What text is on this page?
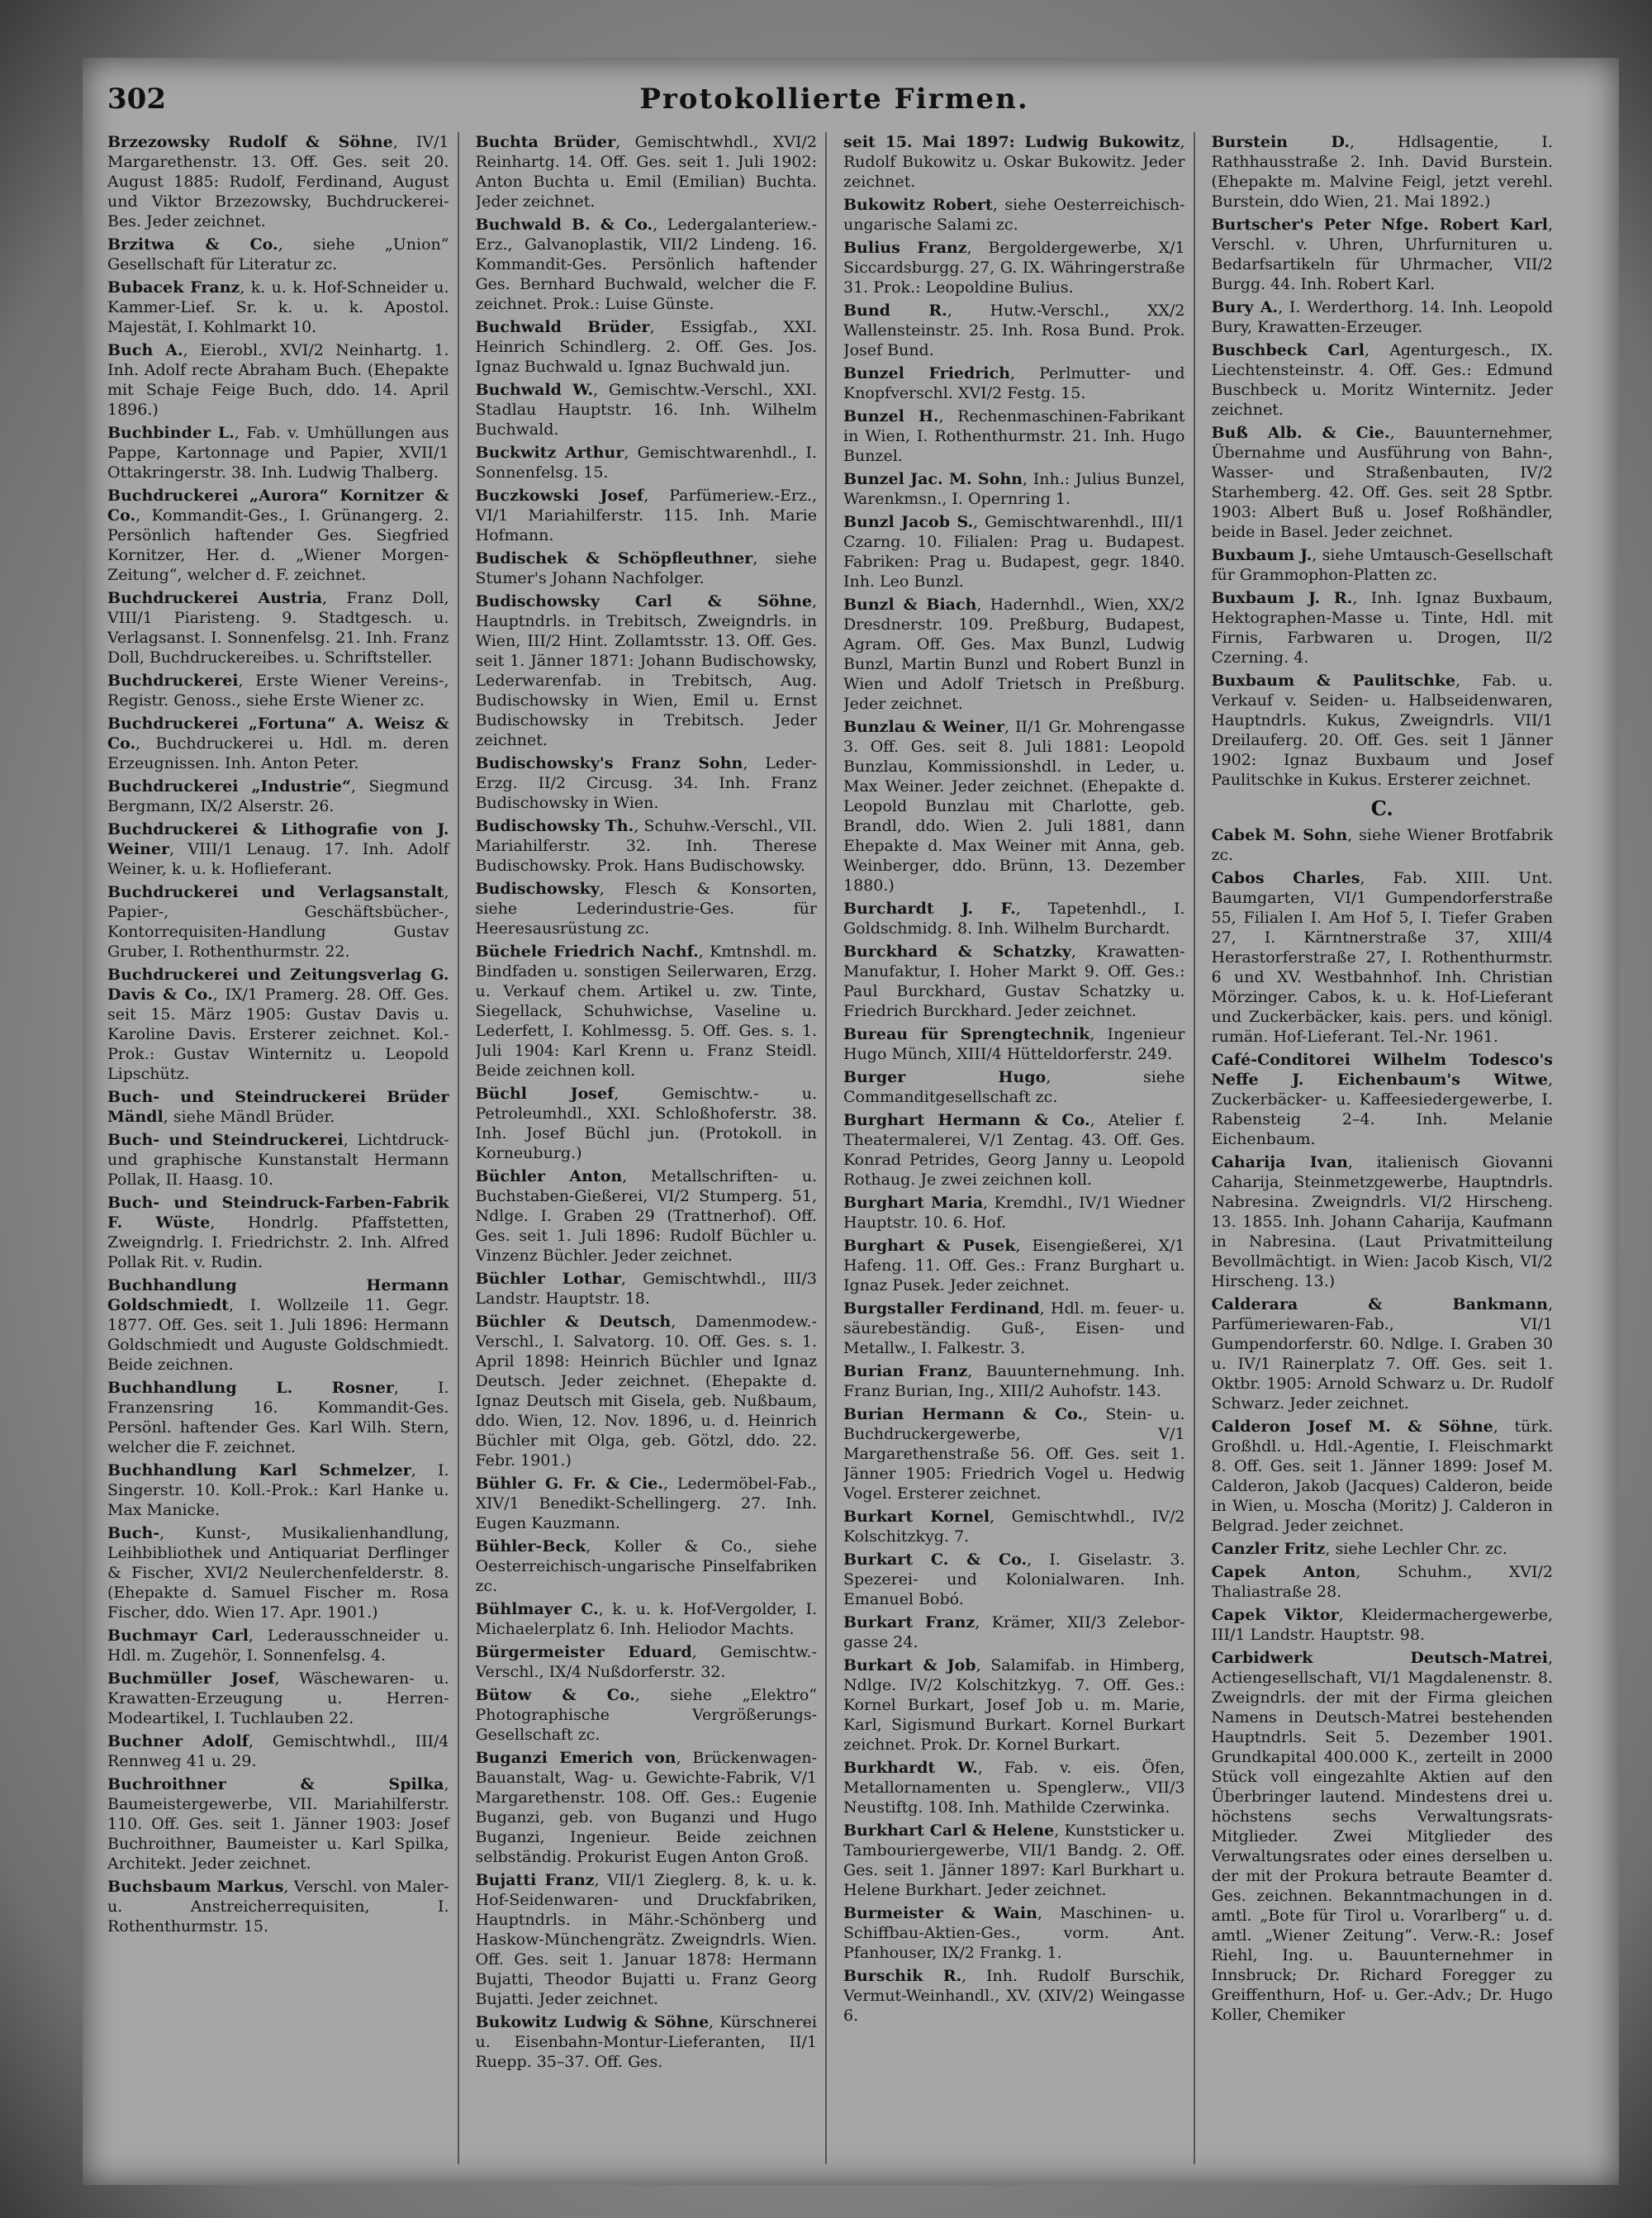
302	Protokollierte Firmen.

Brzezowsky Rudolf & Söhne, IV/1 Margarethenstr. 13. Off. Ges. seit 20. August 1885: Rudolf, Ferdinand, August und Viktor Brzezowsky, Buchdruckerei-Bes. Jeder zeichnet.

Brzitwa & Co., siehe „Union“ Gesellschaft für Literatur zc.

Bubacek Franz, k. u. k. Hof-Schneider u. Kammer-Lief. Sr. k. u. k. Apostol. Majestät, I. Kohlmarkt 10.

Buch A., Eierobl., XVI/2 Neinhartg. 1. Inh. Adolf recte Abraham Buch. (Ehepakte mit Schaje Feige Buch, ddo. 14. April 1896.)

Buchbinder L., Fab. v. Umhüllungen aus Pappe, Kartonnage und Papier, XVII/1 Ottakringerstr. 38. Inh. Ludwig Thalberg.

Buchdruckerei „Aurora“ Kornitzer & Co., Kommandit-Ges., I. Grünangerg. 2. Persönlich haftender Ges. Siegfried Kornitzer, Her. d. „Wiener Morgen-Zeitung“, welcher d. F. zeichnet.

Buchdruckerei Austria, Franz Doll, VIII/1 Piaristeng. 9. Stadtgesch. u. Verlagsanst. I. Sonnenfelsg. 21. Inh. Franz Doll, Buchdruckereibes. u. Schriftsteller.

Buchdruckerei, Erste Wiener Vereins-, Registr. Genoss., siehe Erste Wiener zc.

Buchdruckerei „Fortuna“ A. Weisz & Co., Buchdruckerei u. Hdl. m. deren Erzeugnissen. Inh. Anton Peter.

Buchdruckerei „Industrie“, Siegmund Bergmann, IX/2 Alserstr. 26.

Buchdruckerei & Lithografie von J. Weiner, VIII/1 Lenaug. 17. Inh. Adolf Weiner, k. u. k. Hoflieferant.

Buchdruckerei und Verlagsanstalt, Papier-, Geschäftsbücher-, Kontorrequisiten-Handlung Gustav Gruber, I. Rothenthurmstr. 22.

Buchdruckerei und Zeitungsverlag G. Davis & Co., IX/1 Pramerg. 28. Off. Ges. seit 15. März 1905: Gustav Davis u. Karoline Davis. Ersterer zeichnet. Kol.-Prok.: Gustav Winternitz u. Leopold Lipschütz.

Buch- und Steindruckerei Brüder Mändl, siehe Mändl Brüder.

Buch- und Steindruckerei, Lichtdruck- und graphische Kunstanstalt Hermann Pollak, II. Haasg. 10.

Buch- und Steindruck-Farben-Fabrik F. Wüste, Hondrlg. Pfaffstetten, Zweigndrlg. I. Friedrichstr. 2. Inh. Alfred Pollak Rit. v. Rudin.

Buchhandlung Hermann Goldschmiedt, I. Wollzeile 11. Gegr. 1877. Off. Ges. seit 1. Juli 1896: Hermann Goldschmiedt und Auguste Goldschmiedt. Beide zeichnen.

Buchhandlung L. Rosner, I. Franzensring 16. Kommandit-Ges. Persönl. haftender Ges. Karl Wilh. Stern, welcher die F. zeichnet.

Buchhandlung Karl Schmelzer, I. Singerstr. 10. Koll.-Prok.: Karl Hanke u. Max Manicke.

Buch-, Kunst-, Musikalienhandlung, Leihbibliothek und Antiquariat Derflinger & Fischer, XVI/2 Neulerchenfelderstr. 8. (Ehepakte d. Samuel Fischer m. Rosa Fischer, ddo. Wien 17. Apr. 1901.)

Buchmayr Carl, Lederausschneider u. Hdl. m. Zugehör, I. Sonnenfelsg. 4.

Buchmüller Josef, Wäschewaren- u. Krawatten-Erzeugung u. Herren-Modeartikel, I. Tuchlauben 22.

Buchner Adolf, Gemischtwhdl., III/4 Rennweg 41 u. 29.

Buchroithner & Spilka, Baumeistergewerbe, VII. Mariahilferstr. 110. Off. Ges. seit 1. Jänner 1903: Josef Buchroithner, Baumeister u. Karl Spilka, Architekt. Jeder zeichnet.

Buchsbaum Markus, Verschl. von Maler- u. Anstreicherrequisiten, I. Rothenthurmstr. 15.

Buchta Brüder, Gemischtwhdl., XVI/2 Reinhartg. 14. Off. Ges. seit 1. Juli 1902: Anton Buchta u. Emil (Emilian) Buchta. Jeder zeichnet.

Buchwald B. & Co., Ledergalanteriew.-Erz., Galvanoplastik, VII/2 Lindeng. 16. Kommandit-Ges. Persönlich haftender Ges. Bernhard Buchwald, welcher die F. zeichnet. Prok.: Luise Günste.

Buchwald Brüder, Essigfab., XXI. Heinrich Schindlerg. 2. Off. Ges. Jos. Ignaz Buchwald u. Ignaz Buchwald jun.

Buchwald W., Gemischtw.-Verschl., XXI. Stadlau Hauptstr. 16. Inh. Wilhelm Buchwald.

Buckwitz Arthur, Gemischtwarenhdl., I. Sonnenfelsg. 15.

Buczkowski Josef, Parfümeriew.-Erz., VI/1 Mariahilferstr. 115. Inh. Marie Hofmann.

Budischek & Schöpfleuthner, siehe Stumer's Johann Nachfolger.

Budischowsky Carl & Söhne, Hauptndrls. in Trebitsch, Zweigndrls. in Wien, III/2 Hint. Zollamtsstr. 13. Off. Ges. seit 1. Jänner 1871: Johann Budischowsky, Lederwarenfab. in Trebitsch, Aug. Budischowsky in Wien, Emil u. Ernst Budischowsky in Trebitsch. Jeder zeichnet.

Budischowsky's Franz Sohn, Leder-Erzg. II/2 Circusg. 34. Inh. Franz Budischowsky in Wien.

Budischowsky Th., Schuhw.-Verschl., VII. Mariahilferstr. 32. Inh. Therese Budischowsky. Prok. Hans Budischowsky.

Budischowsky, Flesch & Konsorten, siehe Lederindustrie-Ges. für Heeresausrüstung zc.

Büchele Friedrich Nachf., Kmtnshdl. m. Bindfaden u. sonstigen Seilerwaren, Erzg. u. Verkauf chem. Artikel u. zw. Tinte, Siegellack, Schuhwichse, Vaseline u. Lederfett, I. Kohlmessg. 5. Off. Ges. s. 1. Juli 1904: Karl Krenn u. Franz Steidl. Beide zeichnen koll.

Büchl Josef, Gemischtw.- u. Petroleumhdl., XXI. Schloßhoferstr. 38. Inh. Josef Büchl jun. (Protokoll. in Korneuburg.)

Büchler Anton, Metallschriften- u. Buchstaben-Gießerei, VI/2 Stumperg. 51, Ndlge. I. Graben 29 (Trattnerhof). Off. Ges. seit 1. Juli 1896: Rudolf Büchler u. Vinzenz Büchler. Jeder zeichnet.

Büchler Lothar, Gemischtwhdl., III/3 Landstr. Hauptstr. 18.

Büchler & Deutsch, Damenmodew.-Verschl., I. Salvatorg. 10. Off. Ges. s. 1. April 1898: Heinrich Büchler und Ignaz Deutsch. Jeder zeichnet. (Ehepakte d. Ignaz Deutsch mit Gisela, geb. Nußbaum, ddo. Wien, 12. Nov. 1896, u. d. Heinrich Büchler mit Olga, geb. Götzl, ddo. 22. Febr. 1901.)

Bühler G. Fr. & Cie., Ledermöbel-Fab., XIV/1 Benedikt-Schellingerg. 27. Inh. Eugen Kauzmann.

Bühler-Beck, Koller & Co., siehe Oesterreichisch-ungarische Pinselfabriken zc.

Bühlmayer C., k. u. k. Hof-Vergolder, I. Michaelerplatz 6. Inh. Heliodor Machts.

Bürgermeister Eduard, Gemischtw.-Verschl., IX/4 Nußdorferstr. 32.

Bütow & Co., siehe „Elektro“ Photographische Vergrößerungs-Gesellschaft zc.

Buganzi Emerich von, Brückenwagen-Bauanstalt, Wag- u. Gewichte-Fabrik, V/1 Margarethenstr. 108. Off. Ges.: Eugenie Buganzi, geb. von Buganzi und Hugo Buganzi, Ingenieur. Beide zeichnen selbständig. Prokurist Eugen Anton Groß.

Bujatti Franz, VII/1 Zieglerg. 8, k. u. k. Hof-Seidenwaren- und Druckfabriken, Hauptndrls. in Mähr.-Schönberg und Haskow-Münchengrätz. Zweigndrls. Wien. Off. Ges. seit 1. Januar 1878: Hermann Bujatti, Theodor Bujatti u. Franz Georg Bujatti. Jeder zeichnet.

Bukowitz Ludwig & Söhne, Kürschnerei u. Eisenbahn-Montur-Lieferanten, II/1 Ruepp. 35–37. Off. Ges.

seit 15. Mai 1897: Ludwig Bukowitz, Rudolf Bukowitz u. Oskar Bukowitz. Jeder zeichnet.

Bukowitz Robert, siehe Oesterreichisch-ungarische Salami zc.

Bulius Franz, Bergoldergewerbe, X/1 Siccardsburgg. 27, G. IX. Währingerstraße 31. Prok.: Leopoldine Bulius.

Bund R., Hutw.-Verschl., XX/2 Wallensteinstr. 25. Inh. Rosa Bund. Prok. Josef Bund.

Bunzel Friedrich, Perlmutter- und Knopfverschl. XVI/2 Festg. 15.

Bunzel H., Rechenmaschinen-Fabrikant in Wien, I. Rothenthurmstr. 21. Inh. Hugo Bunzel.

Bunzel Jac. M. Sohn, Inh.: Julius Bunzel, Warenkmsn., I. Opernring 1.

Bunzl Jacob S., Gemischtwarenhdl., III/1 Czarng. 10. Filialen: Prag u. Budapest. Fabriken: Prag u. Budapest, gegr. 1840. Inh. Leo Bunzl.

Bunzl & Biach, Hadernhdl., Wien, XX/2 Dresdnerstr. 109. Preßburg, Budapest, Agram. Off. Ges. Max Bunzl, Ludwig Bunzl, Martin Bunzl und Robert Bunzl in Wien und Adolf Trietsch in Preßburg. Jeder zeichnet.

Bunzlau & Weiner, II/1 Gr. Mohrengasse 3. Off. Ges. seit 8. Juli 1881: Leopold Bunzlau, Kommissionshdl. in Leder, u. Max Weiner. Jeder zeichnet. (Ehepakte d. Leopold Bunzlau mit Charlotte, geb. Brandl, ddo. Wien 2. Juli 1881, dann Ehepakte d. Max Weiner mit Anna, geb. Weinberger, ddo. Brünn, 13. Dezember 1880.)

Burchardt J. F., Tapetenhdl., I. Goldschmidg. 8. Inh. Wilhelm Burchardt.

Burckhard & Schatzky, Krawatten-Manufaktur, I. Hoher Markt 9. Off. Ges.: Paul Burckhard, Gustav Schatzky u. Friedrich Burckhard. Jeder zeichnet.

Bureau für Sprengtechnik, Ingenieur Hugo Münch, XIII/4 Hütteldorferstr. 249.

Burger Hugo, siehe Commanditgesellschaft zc.

Burghart Hermann & Co., Atelier f. Theatermalerei, V/1 Zentag. 43. Off. Ges. Konrad Petrides, Georg Janny u. Leopold Rothaug. Je zwei zeichnen koll.

Burghart Maria, Kremdhl., IV/1 Wiedner Hauptstr. 10. 6. Hof.

Burghart & Pusek, Eisengießerei, X/1 Hafeng. 11. Off. Ges.: Franz Burghart u. Ignaz Pusek. Jeder zeichnet.

Burgstaller Ferdinand, Hdl. m. feuer- u. säurebeständig. Guß-, Eisen- und Metallw., I. Falkestr. 3.

Burian Franz, Bauunternehmung. Inh. Franz Burian, Ing., XIII/2 Auhofstr. 143.

Burian Hermann & Co., Stein- u. Buchdruckergewerbe, V/1 Margarethenstraße 56. Off. Ges. seit 1. Jänner 1905: Friedrich Vogel u. Hedwig Vogel. Ersterer zeichnet.

Burkart Kornel, Gemischtwhdl., IV/2 Kolschitzkyg. 7.

Burkart C. & Co., I. Giselastr. 3. Spezerei- und Kolonialwaren. Inh. Emanuel Bobó.

Burkart Franz, Krämer, XII/3 Zelebor-gasse 24.

Burkart & Job, Salamifab. in Himberg, Ndlge. IV/2 Kolschitzkyg. 7. Off. Ges.: Kornel Burkart, Josef Job u. m. Marie, Karl, Sigismund Burkart. Kornel Burkart zeichnet. Prok. Dr. Kornel Burkart.

Burkhardt W., Fab. v. eis. Öfen, Metallornamenten u. Spenglerw., VII/3 Neustiftg. 108. Inh. Mathilde Czerwinka.

Burkhart Carl & Helene, Kunststicker u. Tambouriergewerbe, VII/1 Bandg. 2. Off. Ges. seit 1. Jänner 1897: Karl Burkhart u. Helene Burkhart. Jeder zeichnet.

Burmeister & Wain, Maschinen- u. Schiffbau-Aktien-Ges., vorm. Ant. Pfanhouser, IX/2 Frankg. 1.

Burschik R., Inh. Rudolf Burschik, Vermut-Weinhandl., XV. (XIV/2) Weingasse 6.

Burstein D., Hdlsagentie, I. Rathhausstraße 2. Inh. David Burstein. (Ehepakte m. Malvine Feigl, jetzt verehl. Burstein, ddo Wien, 21. Mai 1892.)

Burtscher's Peter Nfge. Robert Karl, Verschl. v. Uhren, Uhrfurnituren u. Bedarfsartikeln für Uhrmacher, VII/2 Burgg. 44. Inh. Robert Karl.

Bury A., I. Werderthorg. 14. Inh. Leopold Bury, Krawatten-Erzeuger.

Buschbeck Carl, Agenturgesch., IX. Liechtensteinstr. 4. Off. Ges.: Edmund Buschbeck u. Moritz Winternitz. Jeder zeichnet.

Buß Alb. & Cie., Bauunternehmer, Übernahme und Ausführung von Bahn-, Wasser- und Straßenbauten, IV/2 Starhemberg. 42. Off. Ges. seit 28 Sptbr. 1903: Albert Buß u. Josef Roßhändler, beide in Basel. Jeder zeichnet.

Buxbaum J., siehe Umtausch-Gesellschaft für Grammophon-Platten zc.

Buxbaum J. R., Inh. Ignaz Buxbaum, Hektographen-Masse u. Tinte, Hdl. mit Firnis, Farbwaren u. Drogen, II/2 Czerning. 4.

Buxbaum & Paulitschke, Fab. u. Verkauf v. Seiden- u. Halbseidenwaren, Hauptndrls. Kukus, Zweigndrls. VII/1 Dreilauferg. 20. Off. Ges. seit 1 Jänner 1902: Ignaz Buxbaum und Josef Paulitschke in Kukus. Ersterer zeichnet.

C.

Cabek M. Sohn, siehe Wiener Brotfabrik zc.

Cabos Charles, Fab. XIII. Unt. Baumgarten, VI/1 Gumpendorferstraße 55, Filialen I. Am Hof 5, I. Tiefer Graben 27, I. Kärntnerstraße 37, XIII/4 Herastorferstraße 27, I. Rothenthurmstr. 6 und XV. Westbahnhof. Inh. Christian Mörzinger. Cabos, k. u. k. Hof-Lieferant und Zuckerbäcker, kais. pers. und königl. rumän. Hof-Lieferant. Tel.-Nr. 1961.

Café-Conditorei Wilhelm Todesco's Neffe J. Eichenbaum's Witwe, Zuckerbäcker- u. Kaffeesiedergewerbe, I. Rabensteig 2–4. Inh. Melanie Eichenbaum.

Caharija Ivan, italienisch Giovanni Caharija, Steinmetzgewerbe, Hauptndrls. Nabresina. Zweigndrls. VI/2 Hirscheng. 13. 1855. Inh. Johann Caharija, Kaufmann in Nabresina. (Laut Privatmitteilung Bevollmächtigt. in Wien: Jacob Kisch, VI/2 Hirscheng. 13.)

Calderara & Bankmann, Parfümeriewaren-Fab., VI/1 Gumpendorferstr. 60. Ndlge. I. Graben 30 u. IV/1 Rainerplatz 7. Off. Ges. seit 1. Oktbr. 1905: Arnold Schwarz u. Dr. Rudolf Schwarz. Jeder zeichnet.

Calderon Josef M. & Söhne, türk. Großhdl. u. Hdl.-Agentie, I. Fleischmarkt 8. Off. Ges. seit 1. Jänner 1899: Josef M. Calderon, Jakob (Jacques) Calderon, beide in Wien, u. Moscha (Moritz) J. Calderon in Belgrad. Jeder zeichnet.

Canzler Fritz, siehe Lechler Chr. zc.

Capek Anton, Schuhm., XVI/2 Thaliastraße 28.

Capek Viktor, Kleidermachergewerbe, III/1 Landstr. Hauptstr. 98.

Carbidwerk Deutsch-Matrei, Actiengesellschaft, VI/1 Magdalenenstr. 8. Zweigndrls. der mit der Firma gleichen Namens in Deutsch-Matrei bestehenden Hauptndrls. Seit 5. Dezember 1901. Grundkapital 400.000 K., zerteilt in 2000 Stück voll eingezahlte Aktien auf den Überbringer lautend. Mindestens drei u. höchstens sechs Verwaltungsrats-Mitglieder. Zwei Mitglieder des Verwaltungsrates oder eines derselben u. der mit der Prokura betraute Beamter d. Ges. zeichnen. Bekanntmachungen in d. amtl. „Bote für Tirol u. Vorarlberg“ u. d. amtl. „Wiener Zeitung“. Verw.-R.: Josef Riehl, Ing. u. Bauunternehmer in Innsbruck; Dr. Richard Foregger zu Greiffenthurn, Hof- u. Ger.-Adv.; Dr. Hugo Koller, Chemiker
